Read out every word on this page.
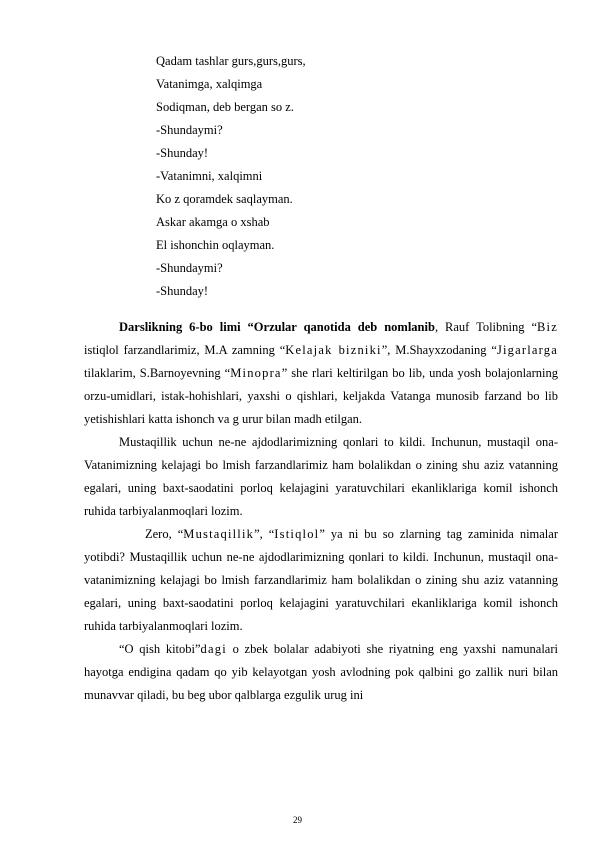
Qadam tashlar gurs,gurs,gurs,
Vatanimga, xalqimga
Sodiqman, deb bergan so z.
-Shundaymi?
-Shunday!
-Vatanimni, xalqimni
Ko z qoramdek saqlayman.
Askar akamga o xshab
El ishonchin oqlayman.
-Shundaymi?
-Shunday!

Darslikning 6-bo limi “Orzular qanotida deb nomlanib, Rauf Tolibning “Biz istiqlol farzandlarimiz, M.A zamning “Kelajak bizniki”, M.Shayxzodaning “Jigarlarga tilaklarim, S.Barnoyevning “Minopra” she rlari keltirilgan bo lib, unda yosh bolajonlarning orzu-umidlari, istak-hohishlari, yaxshi o qishlari, keljakda Vatanga munosib farzand bo lib yetishishlari katta ishonch va g urur bilan madh etilgan.

Mustaqillik uchun ne-ne ajdodlarimizning qonlari to kildi. Inchunun, mustaqil ona-Vatanimizning kelajagi bo lmish farzandlarimiz ham bolalikdan o zining shu aziz vatanning egalari, uning baxt-saodatini porloq kelajagini yaratuvchilari ekanliklariga komil ishonch ruhida tarbiyalanmoqlari lozim.

Zero, “Mustaqillik”, “Istiqlol” ya ni bu so zlarning tag zaminida nimalar yotibdi? Mustaqillik uchun ne-ne ajdodlarimizning qonlari to kildi. Inchunun, mustaqil ona-vatanimizning kelajagi bo lmish farzandlarimiz ham bolalikdan o zining shu aziz vatanning egalari, uning baxt-saodatini porloq kelajagini yaratuvchilari ekanliklariga komil ishonch ruhida tarbiyalanmoqlari lozim.

“O qish kitobi”dagi o zbek bolalar adabiyoti she riyatning eng yaxshi namunalari hayotga endigina qadam qo yib kelayotgan yosh avlodning pok qalbini go zallik nuri bilan munavvar qiladi, bu beg ubor qalblarga ezgulik urug ini

29
